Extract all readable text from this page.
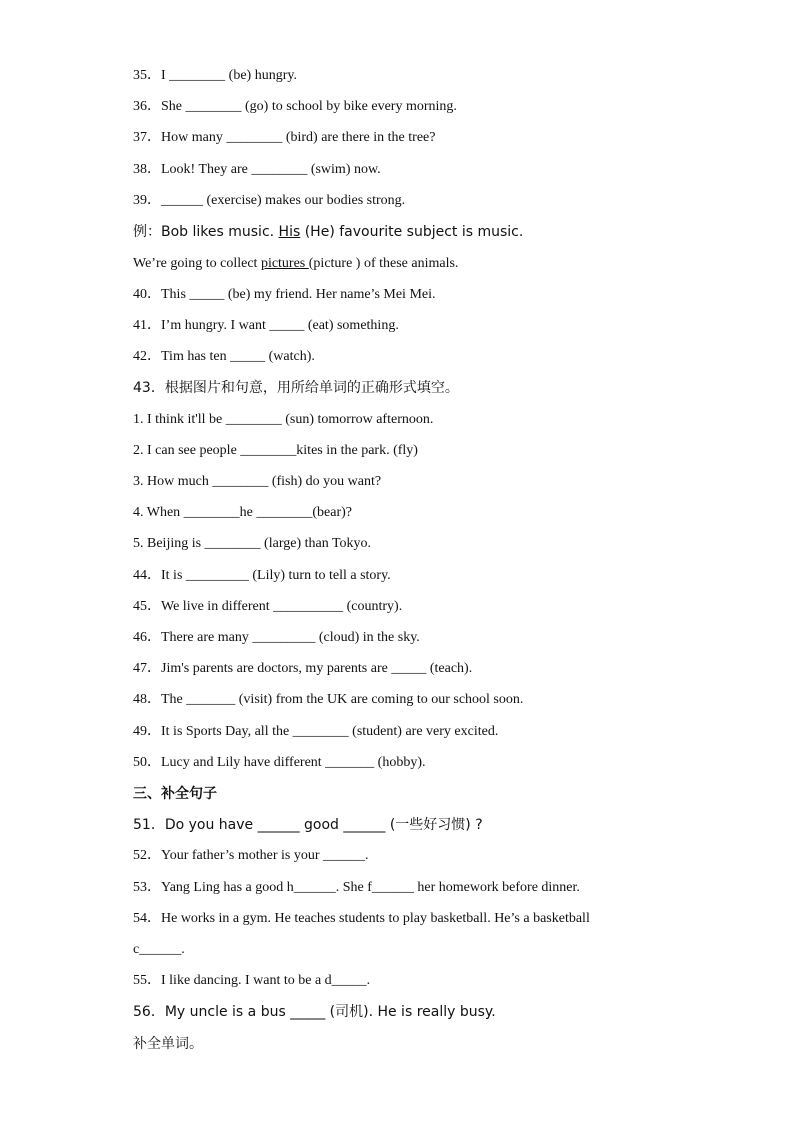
35．I ________ (be) hungry.
36．She ________ (go) to school by bike every morning.
37．How many ________ (bird) are there in the tree?
38．Look! They are ________ (swim) now.
39．______ (exercise) makes our bodies strong.
例：Bob likes music. His (He) favourite subject is music.
We’re going to collect pictures (picture ) of these animals.
40．This _____ (be) my friend. Her name’s Mei Mei.
41．I’m hungry. I want _____ (eat) something.
42．Tim has ten _____ (watch).
43．根据图片和句意，用所给单词的正确形式填空。
1. I think it'll be ________ (sun) tomorrow afternoon.
2. I can see people ________kites in the park. (fly)
3. How much ________ (fish) do you want?
4. When ________he ________(bear)?
5. Beijing is ________ (large) than Tokyo.
44．It is _________ (Lily) turn to tell a story.
45．We live in different __________ (country).
46．There are many _________ (cloud) in the sky.
47．Jim's parents are doctors, my parents are _____ (teach).
48．The _______ (visit) from the UK are coming to our school soon.
49．It is Sports Day, all the ________ (student) are very excited.
50．Lucy and Lily have different _______ (hobby).
三、补全句子
51．Do you have ______ good ______ (一些好习惯) ?
52．Your father’s mother is your ______.
53．Yang Ling has a good h______. She f______ her homework before dinner.
54．He works in a gym. He teaches students to play basketball. He’s a basketball
c______.
55．I like dancing. I want to be a d_____.
56．My uncle is a bus _____ (司机). He is really busy.
补全单词。
